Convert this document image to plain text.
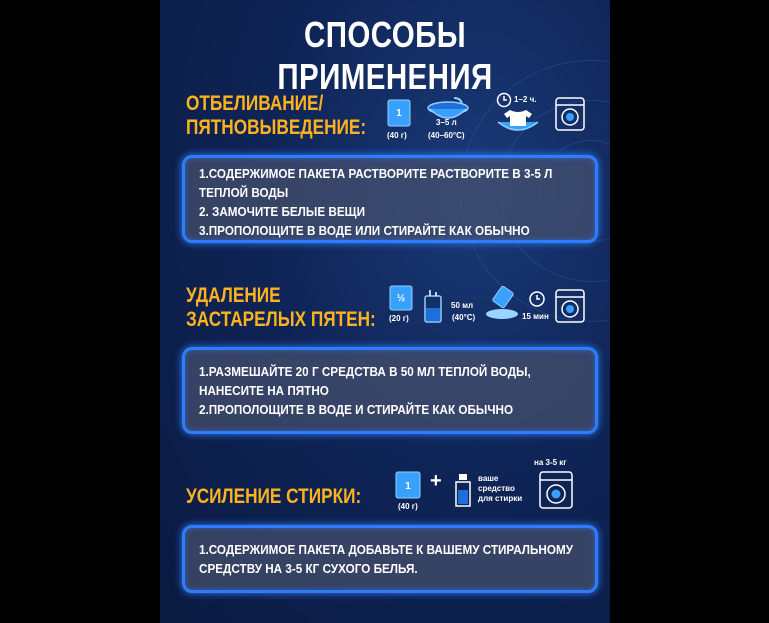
СПОСОБЫ ПРИМЕНЕНИЯ
ОТБЕЛИВАНИЕ/
ПЯТНОВЫВЕДЕНИЕ:
1
(40 г)
3–5 л
(40–60°С)
1–2 ч.
1.СОДЕРЖИМОЕ ПАКЕТА РАСТВОРИТЕ РАСТВОРИТЕ В 3-5 Л
ТЕПЛОЙ ВОДЫ
2. ЗАМОЧИТЕ БЕЛЫЕ ВЕЩИ
3.ПРОПОЛОЩИТЕ В ВОДЕ ИЛИ СТИРАЙТЕ КАК ОБЫЧНО
УДАЛЕНИЕ
ЗАСТАРЕЛЫХ ПЯТЕН:
½
(20 г)
50 мл
(40°С)	15 мин
1.РАЗМЕШАЙТЕ 20 Г СРЕДСТВА В 50 МЛ ТЕПЛОЙ ВОДЫ,
НАНЕСИТЕ НА ПЯТНО
2.ПРОПОЛОЩИТЕ В ВОДЕ И СТИРАЙТЕ КАК ОБЫЧНО
УСИЛЕНИЕ СТИРКИ:	1
(40 г)
+	ваше
средство
для стирки
на 3-5 кг
1.СОДЕРЖИМОЕ ПАКЕТА ДОБАВЬТЕ К ВАШЕМУ СТИРАЛЬНОМУ
СРЕДСТВУ НА 3-5 КГ СУХОГО БЕЛЬЯ.
